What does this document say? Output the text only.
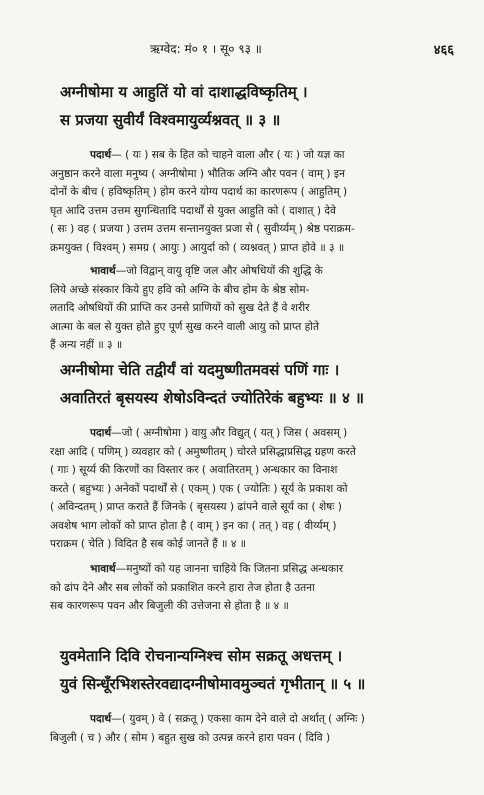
ऋग्वेद: मं० १ । सू० ९३ ॥	४६६
अग्नीषोमा य आहुतिं यो वां दाशाद्धविष्कृतिम् ।
स प्रजया सुवीर्यं विश्वमायुर्व्यश्नवत् ॥ ३ ॥
पदार्थ— ( यः ) सब के हित को चाहने वाला और ( यः ) जो यज्ञ का
अनुष्ठान करने वाला मनुष्य ( अग्नीषोमा ) भौतिक अग्नि और पवन ( वाम् ) इन
दोनों के बीच ( हविष्कृतिम् ) होम करने योग्य पदार्थ का कारणरूप ( आहुतिम् )
घृत आदि उत्तम उत्तम सुगन्धितादि पदार्थों से युक्त आहुति को ( दाशात् ) देवे
( सः ) वह ( प्रजया ) उत्तम उत्तम सन्तानयुक्त प्रजा से ( सुवीर्य्यम् ) श्रेष्ठ पराक्रम-
क्रमयुक्त ( विश्वम् ) समग्र ( आयुः ) आयुर्दा को ( व्यश्नवत् ) प्राप्त होवे ॥ ३ ॥
भावार्थ—जो विद्वान् वायु वृष्टि जल और ओषधियों की शुद्धि के
लिये अच्छे संस्कार किये हुए हवि को अग्नि के बीच होम के श्रेष्ठ सोम-
लतादि ओषधियों की प्राप्ति कर उनसे प्राणियों को सुख देते हैं वे शरीर
आत्मा के बल से युक्त होते हुए पूर्ण सुख करने वाली आयु को प्राप्त होते
हैं अन्य नहीं ॥ ३ ॥
अग्नीषोमा चेति तद्वीर्यं वां यदमुष्णीतमवसं पणिं गाः ।
अवातिरतं बृसयस्य शेषोऽविन्दतं ज्योतिरेकं बहुभ्यः ॥ ४ ॥
पदार्थ—जो ( अग्नीषोमा ) वायु और विद्युत् ( यत् ) जिस ( अवसम् )
रक्षा आदि ( पणिम् ) व्यवहार को ( अमुष्णीतम् ) चोरते प्रसिद्धाप्रसिद्ध ग्रहण करते
( गाः ) सूर्य्य की किरणों का विस्तार कर ( अवातिरतम् ) अन्धकार का विनाश
करते ( बहुभ्यः ) अनेकों पदार्थों से ( एकम् ) एक ( ज्योतिः ) सूर्य के प्रकाश को
( अविन्दतम् ) प्राप्त कराते हैं जिनके ( बृसयस्य ) ढांपने वाले सूर्य का ( शेषः )
अवशेष भाग लोकों को प्राप्त होता है ( वाम् ) इन का ( तत् ) वह ( वीर्य्यम् )
पराक्रम ( चेति ) विदित है सब कोई जानते हैं ॥ ४ ॥
भावार्थ—मनुष्यों को यह जानना चाहिये कि जितना प्रसिद्ध अन्धकार
को ढांप देने और सब लोकों को प्रकाशित करने हारा तेज होता है उतना
सब कारणरूप पवन और बिजुली की उत्तेजना से होता है ॥ ४ ॥
युवमेतानि दिवि रोचनान्यग्निश्च सोम सक्रतू अधत्तम् ।
युवं सिन्धूँरभिशस्तेरवद्यादग्नीषोमावमुञ्चतं गृभीतान् ॥ ५ ॥
पदार्थ—( युवम् ) वे ( सक्रतू ) एकसा काम देने वाले दो अर्थात् ( अग्निः )
बिजुली ( च ) और ( सोम ) बहुत सुख को उत्पन्न करने हारा पवन ( दिवि )
